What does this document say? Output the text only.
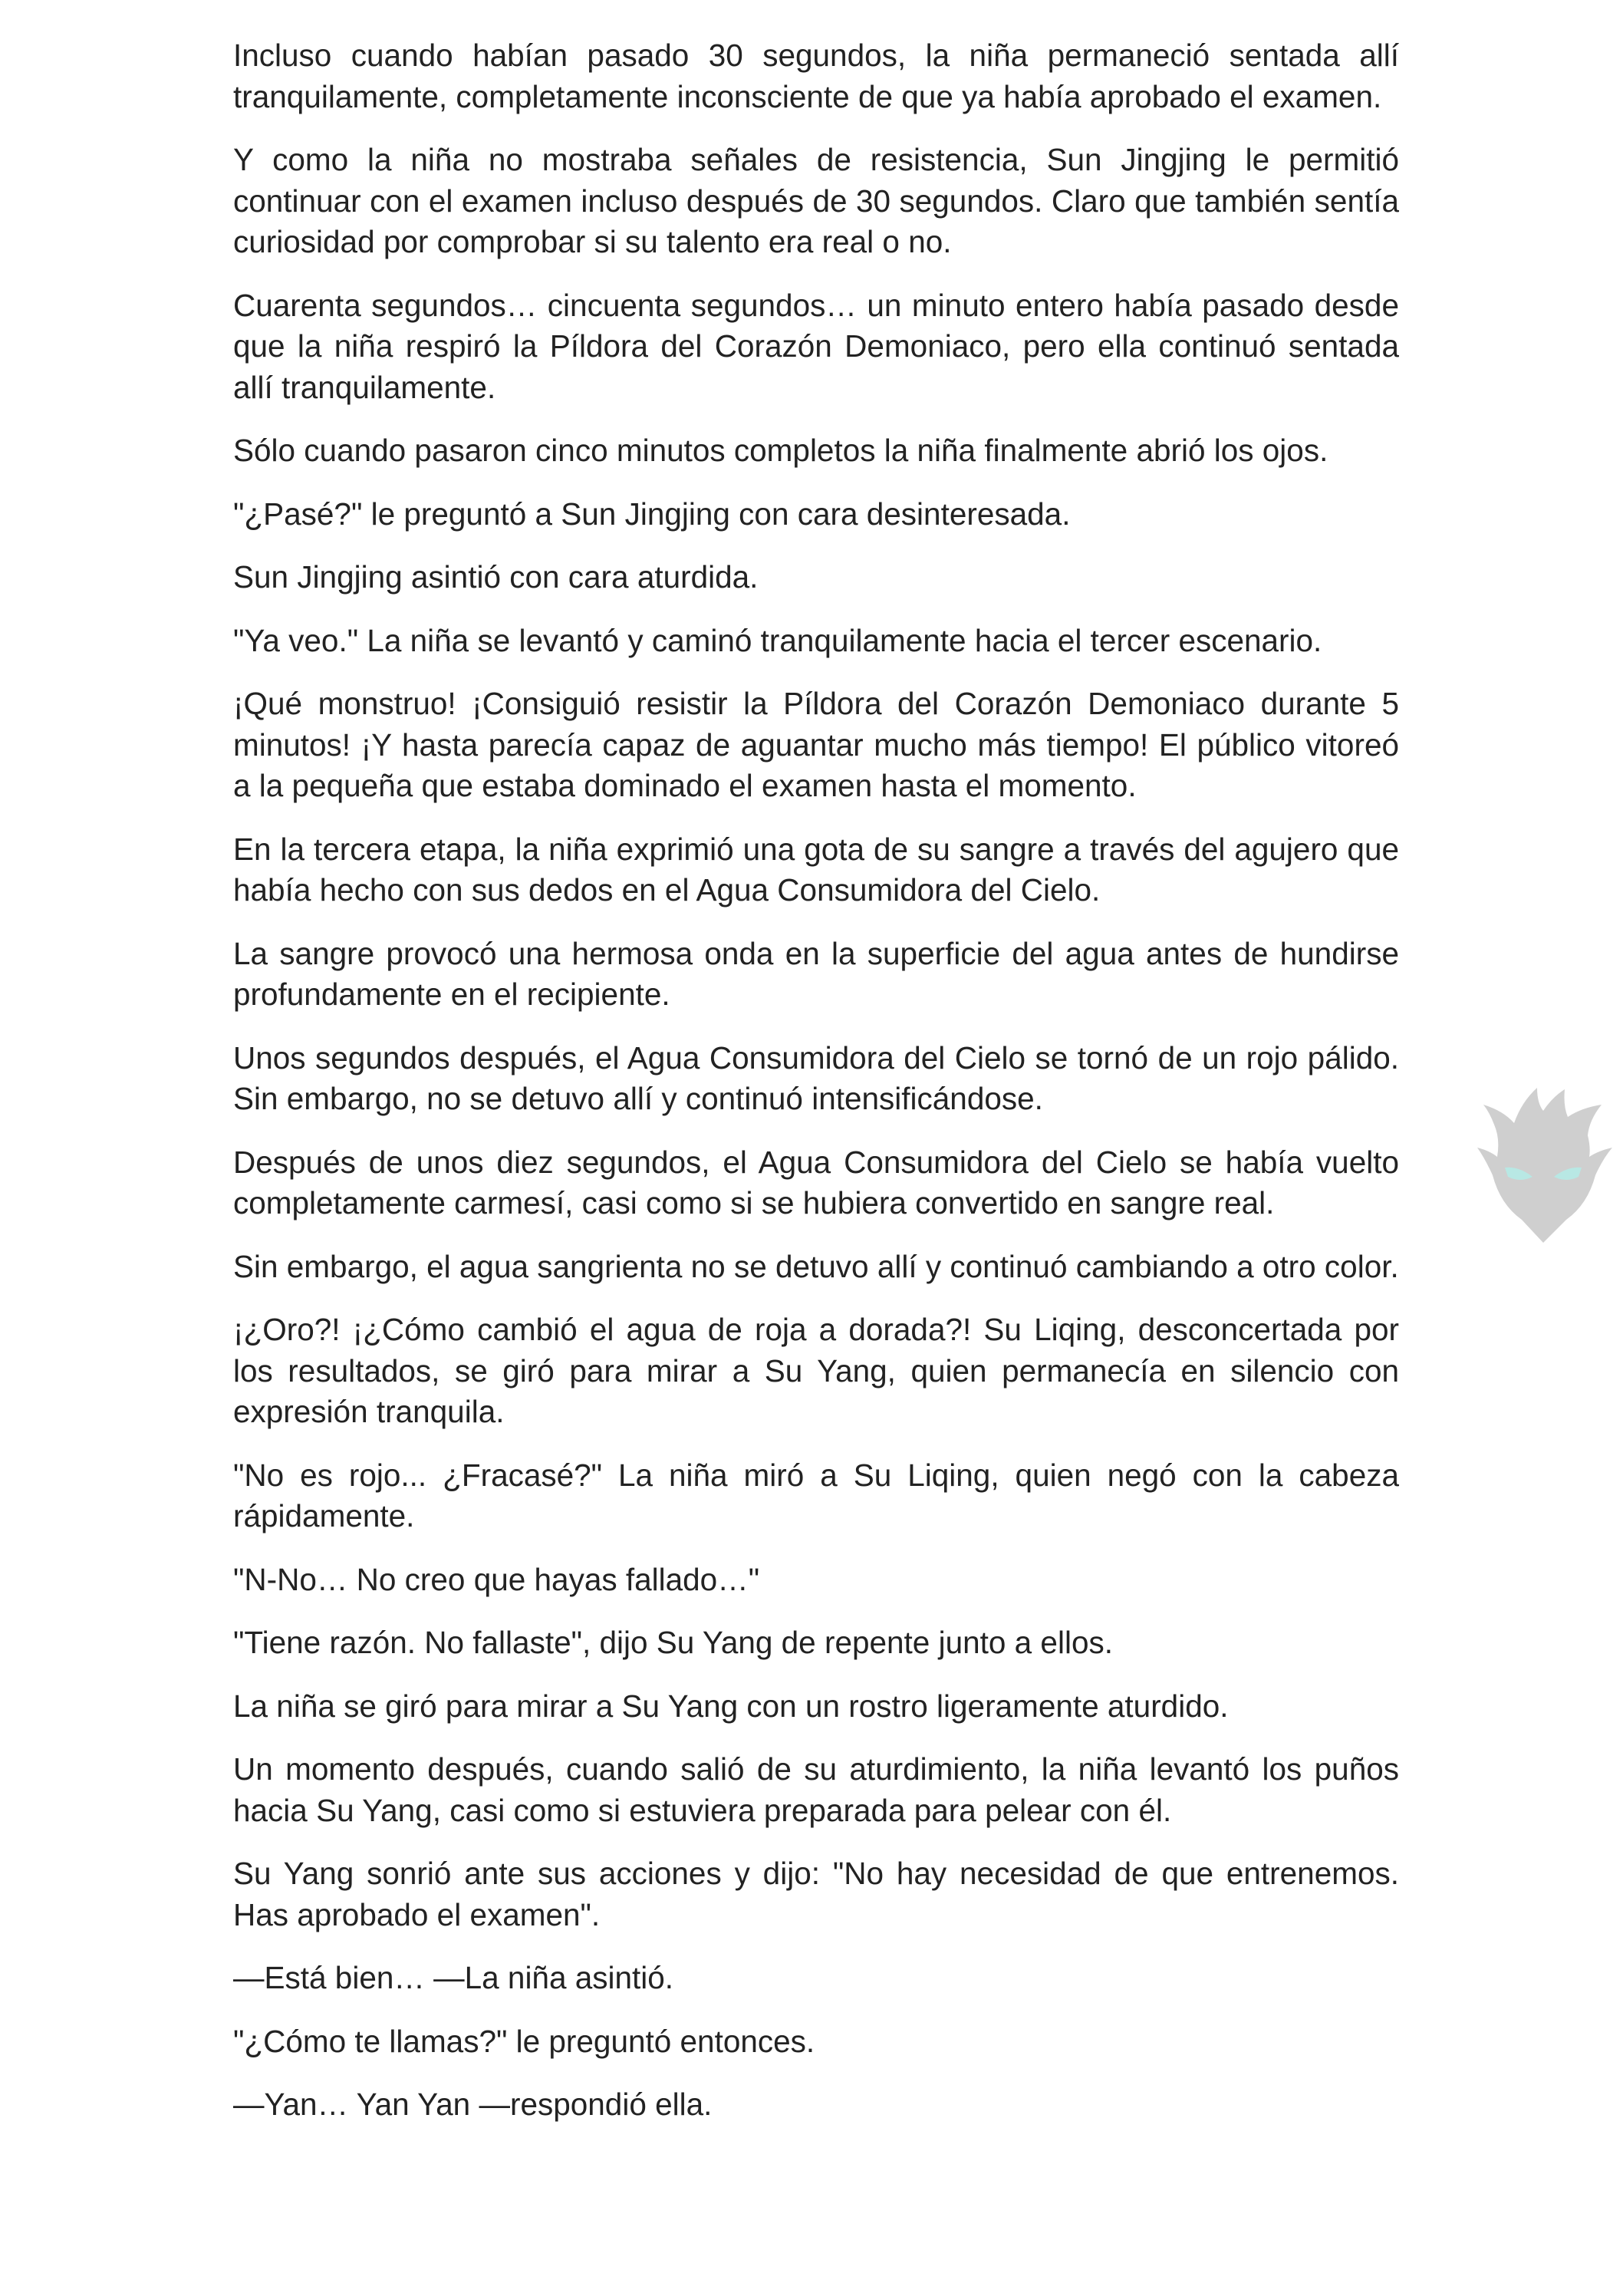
Incluso cuando habían pasado 30 segundos, la niña permaneció sentada allí tranquilamente, completamente inconsciente de que ya había aprobado el examen.

Y como la niña no mostraba señales de resistencia, Sun Jingjing le permitió continuar con el examen incluso después de 30 segundos. Claro que también sentía curiosidad por comprobar si su talento era real o no.

Cuarenta segundos… cincuenta segundos… un minuto entero había pasado desde que la niña respiró la Píldora del Corazón Demoniaco, pero ella continuó sentada allí tranquilamente.

Sólo cuando pasaron cinco minutos completos la niña finalmente abrió los ojos.

"¿Pasé?" le preguntó a Sun Jingjing con cara desinteresada.

Sun Jingjing asintió con cara aturdida.

"Ya veo." La niña se levantó y caminó tranquilamente hacia el tercer escenario.

¡Qué monstruo! ¡Consiguió resistir la Píldora del Corazón Demoniaco durante 5 minutos! ¡Y hasta parecía capaz de aguantar mucho más tiempo! El público vitoreó a la pequeña que estaba dominado el examen hasta el momento.

En la tercera etapa, la niña exprimió una gota de su sangre a través del agujero que había hecho con sus dedos en el Agua Consumidora del Cielo.

La sangre provocó una hermosa onda en la superficie del agua antes de hundirse profundamente en el recipiente.

Unos segundos después, el Agua Consumidora del Cielo se tornó de un rojo pálido. Sin embargo, no se detuvo allí y continuó intensificándose.

Después de unos diez segundos, el Agua Consumidora del Cielo se había vuelto completamente carmesí, casi como si se hubiera convertido en sangre real.

Sin embargo, el agua sangrienta no se detuvo allí y continuó cambiando a otro color.

¡¿Oro?! ¡¿Cómo cambió el agua de roja a dorada?! Su Liqing, desconcertada por los resultados, se giró para mirar a Su Yang, quien permanecía en silencio con expresión tranquila.

"No es rojo... ¿Fracasé?" La niña miró a Su Liqing, quien negó con la cabeza rápidamente.

"N-No… No creo que hayas fallado…"

"Tiene razón. No fallaste", dijo Su Yang de repente junto a ellos.

La niña se giró para mirar a Su Yang con un rostro ligeramente aturdido.

Un momento después, cuando salió de su aturdimiento, la niña levantó los puños hacia Su Yang, casi como si estuviera preparada para pelear con él.

Su Yang sonrió ante sus acciones y dijo: "No hay necesidad de que entrenemos. Has aprobado el examen".

—Está bien… —La niña asintió.

"¿Cómo te llamas?" le preguntó entonces.

—Yan… Yan Yan —respondió ella.
